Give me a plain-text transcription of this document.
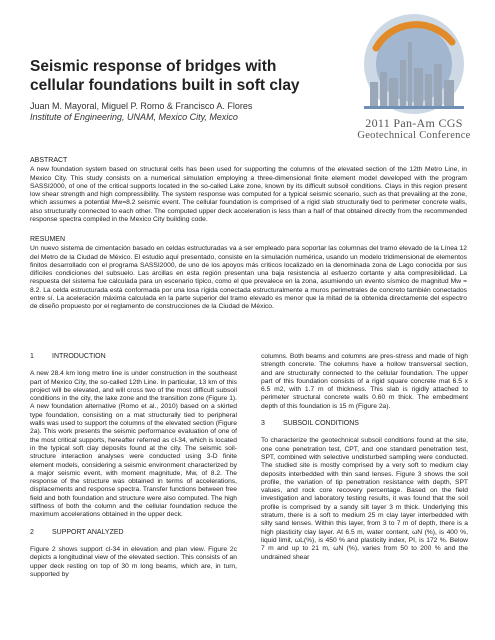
Seismic response of bridges with cellular foundations built in soft clay
Juan M. Mayoral, Miguel P. Romo & Francisco A. Flores
Institute of Engineering, UNAM, Mexico City, Mexico	2011 Pan-Am CGS
Geotechnical Conference
ABSTRACT
A new foundation system based on structural cells has been used for supporting the columns of the elevated section of the 12th Metro Line, in Mexico City. This study consists on a numerical simulation employing a three-dimensional finite element model developed with the program SASSI2000, of one of the critical supports located in the so-called Lake zone, known by its difficult subsoil conditions. Clays in this region present low shear strength and high compressibility. The system response was computed for a typical seismic scenario, such as that prevailing at the zone, which assumes a potential Mw=8.2 seismic event. The cellular foundation is comprised of a rigid slab structurally tied to perimeter concrete walls, also structurally connected to each other. The computed upper deck acceleration is less than a half of that obtained directly from the recommended response spectra compiled in the Mexico City building code.
RESUMEN
Un nuevo sistema de cimentación basado en celdas estructuradas va a ser empleado para soportar las columnas del tramo elevado de la Línea 12 del Metro de la Ciudad de México. El estudio aquí presentado, consiste en la simulación numérica, usando un modelo tridimensional de elementos finitos desarrollado con el programa SASSI2000, de uno de los apoyos más críticos localizado en la denominada zona de Lago conocida por sus difíciles condiciones del subsuelo. Las arcillas en esta región presentan una baja resistencia al esfuerzo cortante y alta compresibilidad. La respuesta del sistema fue calculada para un escenario típico, como el que prevalece en la zona, asumiendo un evento sísmico de magnitud Mw = 8.2. La celda estructurada está conformada por una losa rígida conectada estructuralmente a muros perimetrales de concreto también conectados entre sí. La aceleración máxima calculada en la parte superior del tramo elevado es menor que la mitad de la obtenida directamente del espectro de diseño propuesto por el reglamento de construcciones de la Ciudad de México.
1	INTRODUCTION

A new 28.4 km long metro line is under construction in the southeast part of Mexico City, the so-called 12th Line. In particular, 13 km of this project will be elevated, and will cross two of the most difficult subsoil conditions in the city, the lake zone and the transition zone (Figure 1). A new foundation alternative (Romo et al., 2010) based on a skirted type foundation, consisting on a mat structurally tied to peripheral walls was used to support the columns of the elevated section (Figure 2a). This work presents the seismic performance evaluation of one of the most critical supports, hereafter referred as cl-34, which is located in the typical soft clay deposits found at the city. The seismic soil-structure interaction analyses were conducted using 3-D finite element models, considering a seismic environment characterized by a major seismic event, with moment magnitude, Mw, of 8.2. The response of the structure was obtained in terms of accelerations, displacements and response spectra. Transfer functions between free field and both foundation and structure were also computed. The high stiffness of both the column and the cellular foundation reduce the maximum accelerations obtained in the upper deck.

2	SUPPORT ANALYZED

Figure 2 shows support cl-34 in elevation and plan view. Figure 2c depicts a longitudinal view of the elevated section. This consists of an upper deck resting on top of 30 m long beams, which are, in turn, supported by

columns. Both beams and columns are pres-stress and made of high strength concrete. The columns have a hollow transversal section, and are structurally connected to the cellular foundation. The upper part of this foundation consists of a rigid square concrete mat 6.5 x 6.5 m2, with 1.7 m of thickness. This slab is rigidly attached to perimeter structural concrete walls 0.60 m thick. The embedment depth of this foundation is 15 m (Figure 2a).

3	SUBSOIL CONDITIONS

To characterize the geotechnical subsoil conditions found at the site, one cone penetration test, CPT, and one standard penetration test, SPT, combined with selective undisturbed sampling were conducted. The studied site is mostly comprised by a very soft to medium clay deposits interbedded with thin sand lenses. Figure 3 shows the soil profile, the variation of tip penetration resistance with depth, SPT values, and rock core recovery percentage. Based on the field investigation and laboratory testing results, it was found that the soil profile is comprised by a sandy silt layer 3 m thick. Underlying this stratum, there is a soft to medium 25 m clay layer interbedded with silty sand lenses. Within this layer, from 3 to 7 m of depth, there is a high plasticity clay layer. At 6.5 m, water content, ωN (%), is 400 %, liquid limit, ωL(%), is 450 % and plasticity index, PI, is 172 %. Below 7 m and up to 21 m, ωN (%), varies from 50 to 200 % and the undrained shear
